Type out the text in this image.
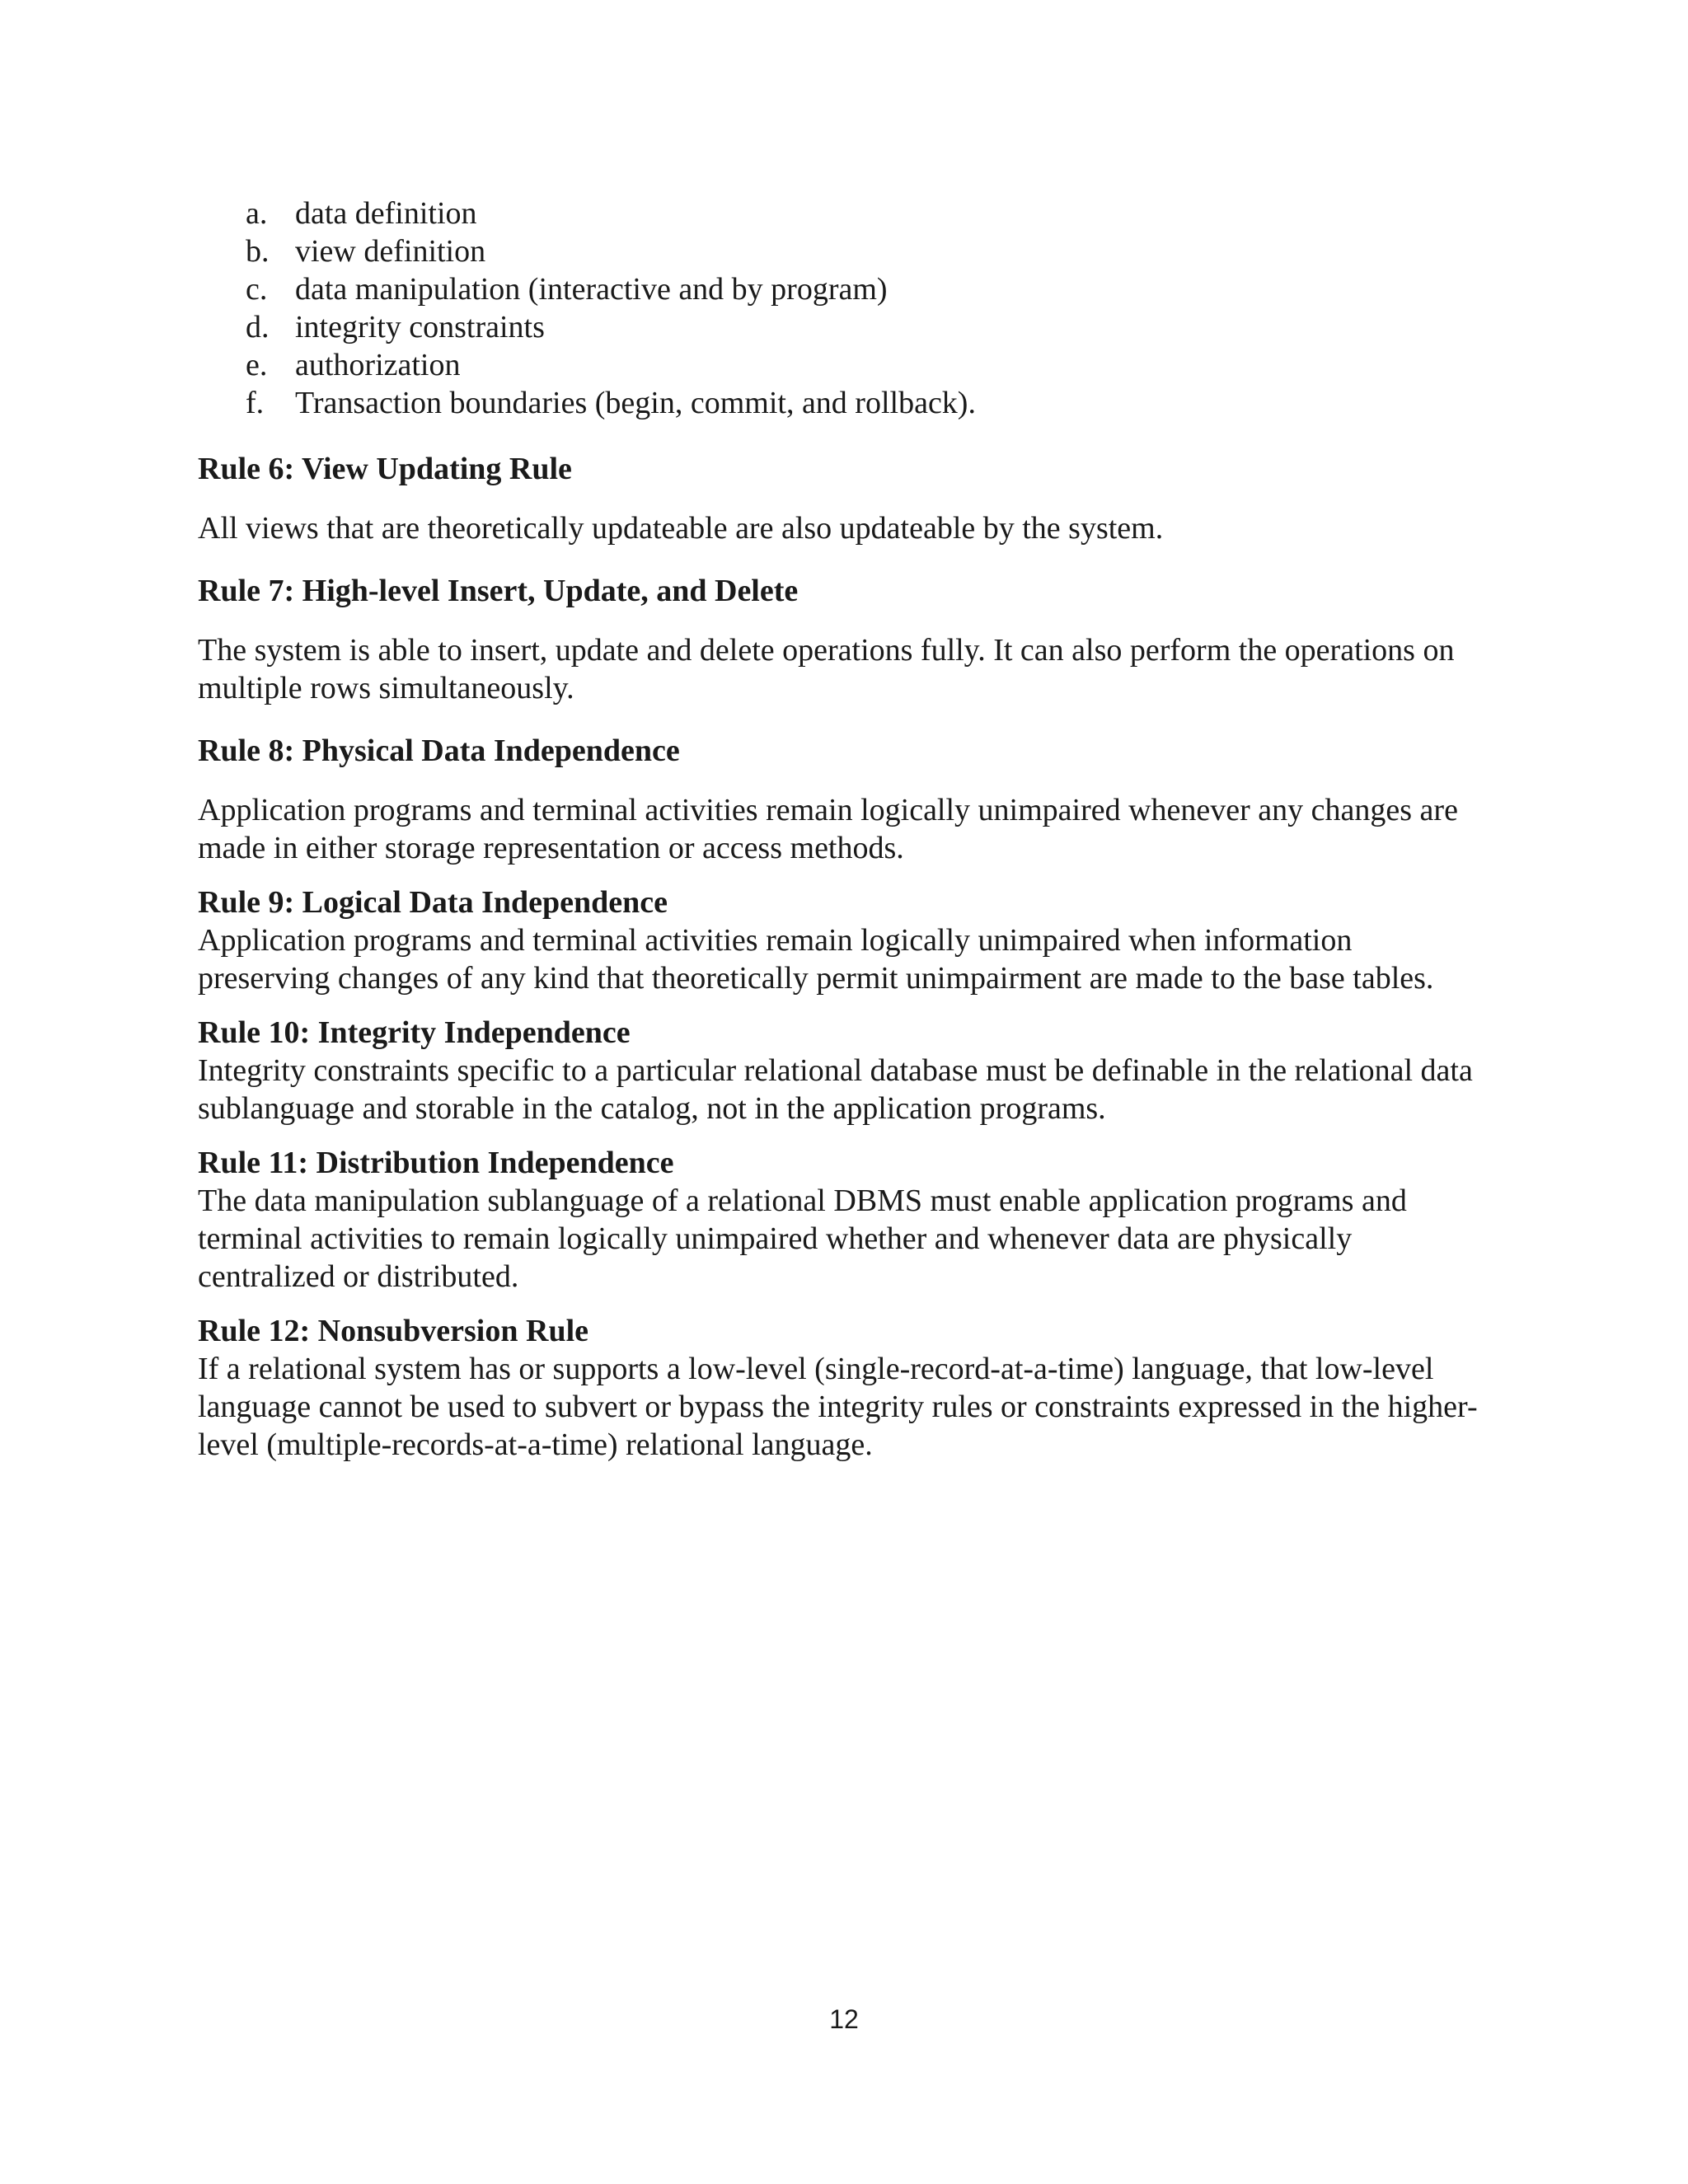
a. data definition
b. view definition
c. data manipulation (interactive and by program)
d. integrity constraints
e. authorization
f. Transaction boundaries (begin, commit, and rollback).
Rule 6: View Updating Rule

All views that are theoretically updateable are also updateable by the system.

Rule 7: High-level Insert, Update, and Delete

The system is able to insert, update and delete operations fully. It can also perform the operations on multiple rows simultaneously.

Rule 8: Physical Data Independence

Application programs and terminal activities remain logically unimpaired whenever any changes are made in either storage representation or access methods.

Rule 9: Logical Data Independence

Application programs and terminal activities remain logically unimpaired when information preserving changes of any kind that theoretically permit unimpairment are made to the base tables.

Rule 10: Integrity Independence

Integrity constraints specific to a particular relational database must be definable in the relational data sublanguage and storable in the catalog, not in the application programs.

Rule 11: Distribution Independence

The data manipulation sublanguage of a relational DBMS must enable application programs and terminal activities to remain logically unimpaired whether and whenever data are physically centralized or distributed.

Rule 12: Nonsubversion Rule

If a relational system has or supports a low-level (single-record-at-a-time) language, that low-level language cannot be used to subvert or bypass the integrity rules or constraints expressed in the higher-level (multiple-records-at-a-time) relational language.

12
